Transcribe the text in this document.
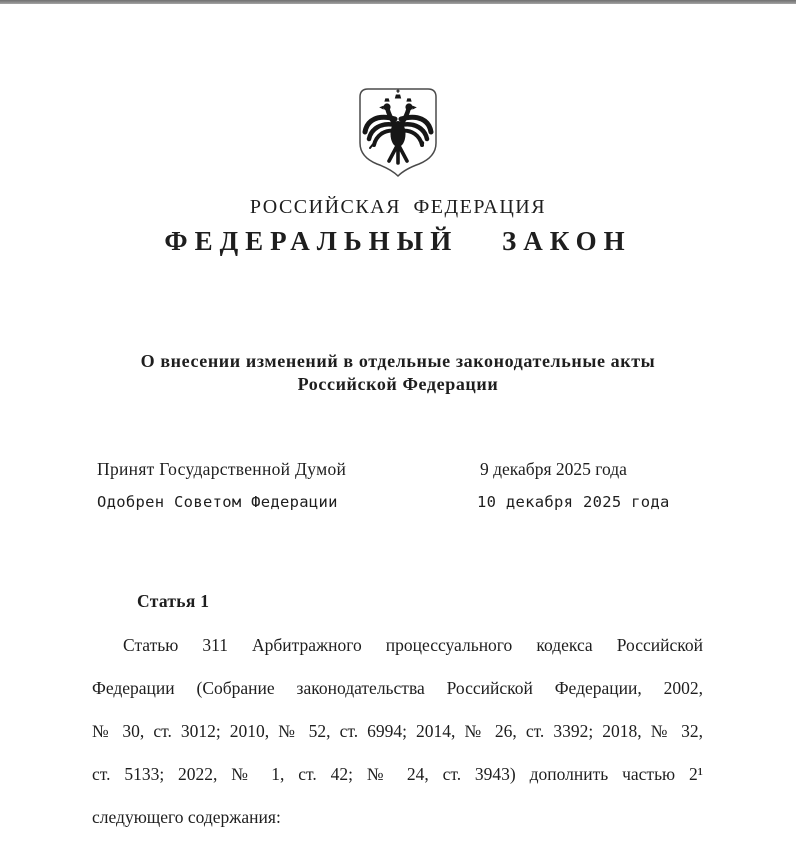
РОССИЙСКАЯ ФЕДЕРАЦИЯ
ФЕДЕРАЛЬНЫЙ ЗАКОН
О внесении изменений в отдельные законодательные акты
Российской Федерации
Принят Государственной Думой	9 декабря 2025 года
Одобрен Советом Федерации	10 декабря 2025 года
Статья 1
Статью 311 Арбитражного процессуального кодекса Российской
Федерации (Собрание законодательства Российской Федерации, 2002,
№ 30, ст. 3012; 2010, № 52, ст. 6994; 2014, № 26, ст. 3392; 2018, № 32,
ст. 5133; 2022, № 1, ст. 42; № 24, ст. 3943) дополнить частью 2¹
следующего содержания:
